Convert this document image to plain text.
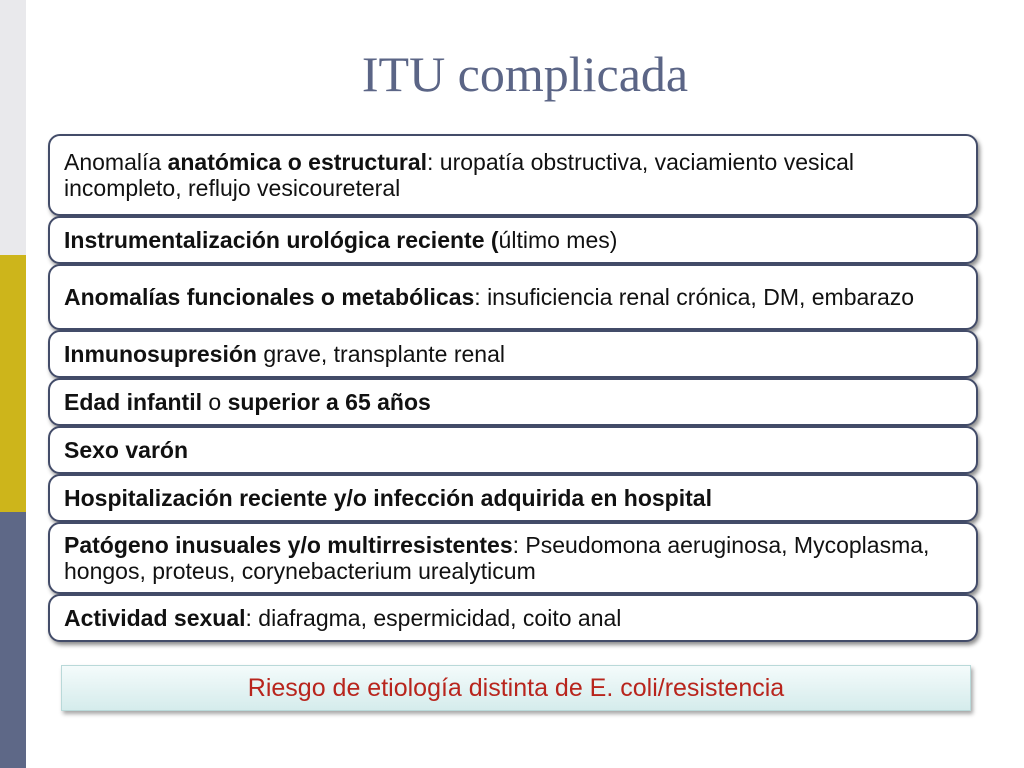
ITU complicada
Anomalía anatómica o estructural: uropatía obstructiva, vaciamiento vesical incompleto, reflujo vesicoureteral
Instrumentalización urológica reciente (último mes)
Anomalías funcionales o metabólicas: insuficiencia renal crónica, DM, embarazo
Inmunosupresión grave, transplante renal
Edad infantil o superior a 65 años
Sexo varón
Hospitalización reciente y/o infección adquirida en hospital
Patógeno inusuales y/o multirresistentes: Pseudomona aeruginosa, Mycoplasma, hongos, proteus, corynebacterium urealyticum
Actividad sexual: diafragma, espermicidad, coito anal
Riesgo de etiología distinta de E. coli/resistencia
